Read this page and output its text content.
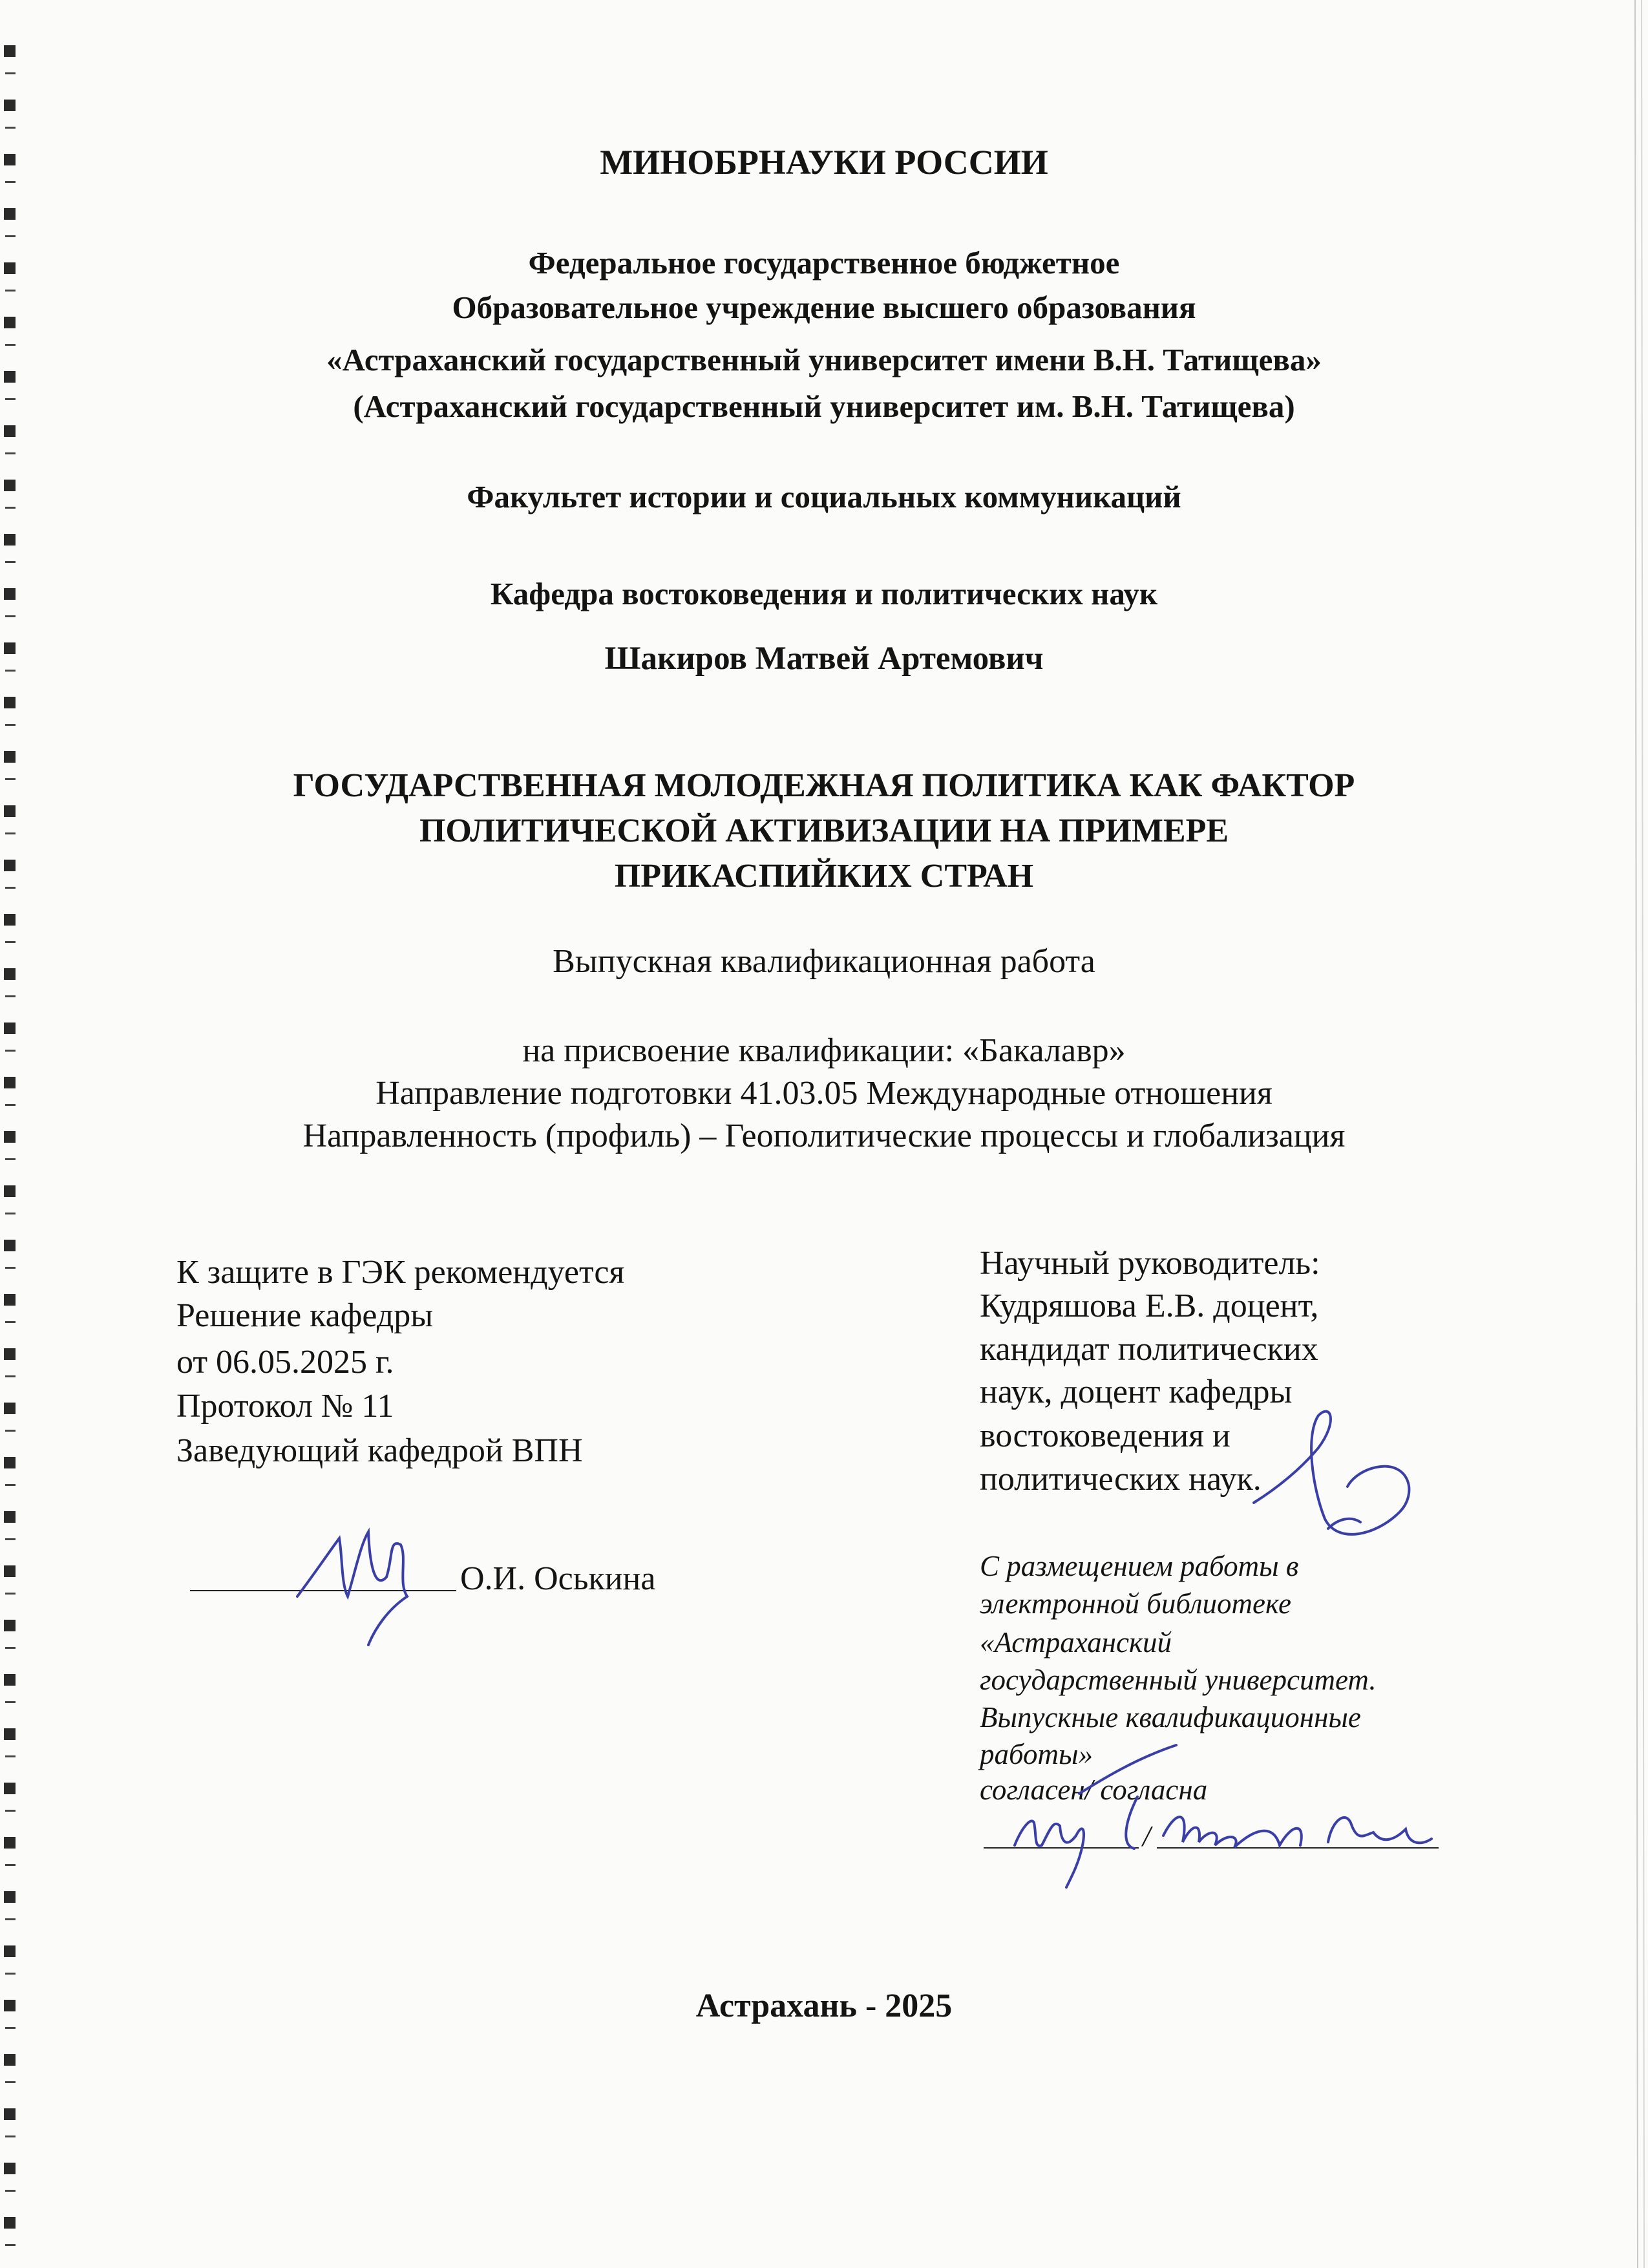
МИНОБРНАУКИ РОССИИ
Федеральное государственное бюджетное
Образовательное учреждение высшего образования
«Астраханский государственный университет имени В.Н. Татищева»
(Астраханский государственный университет им. В.Н. Татищева)
Факультет истории и социальных коммуникаций
Кафедра востоковедения и политических наук
Шакиров Матвей Артемович
ГОСУДАРСТВЕННАЯ МОЛОДЕЖНАЯ ПОЛИТИКА КАК ФАКТОР
ПОЛИТИЧЕСКОЙ АКТИВИЗАЦИИ НА ПРИМЕРЕ
ПРИКАСПИЙКИХ СТРАН
Выпускная квалификационная работа
на присвоение квалификации: «Бакалавр»
Направление подготовки 41.03.05 Международные отношения
Направленность (профиль) – Геополитические процессы и глобализация
К защите в ГЭК рекомендуется
Решение кафедры
от 06.05.2025 г.
Протокол № 11
Заведующий кафедрой ВПН
О.И. Оськина
Научный руководитель:
Кудряшова Е.В. доцент,
кандидат политических
наук, доцент кафедры
востоковедения и
политических наук.
С размещением работы в
электронной библиотеке
«Астраханский
государственный университет.
Выпускные квалификационные
работы»
согласен/ согласна
/
Астрахань - 2025
